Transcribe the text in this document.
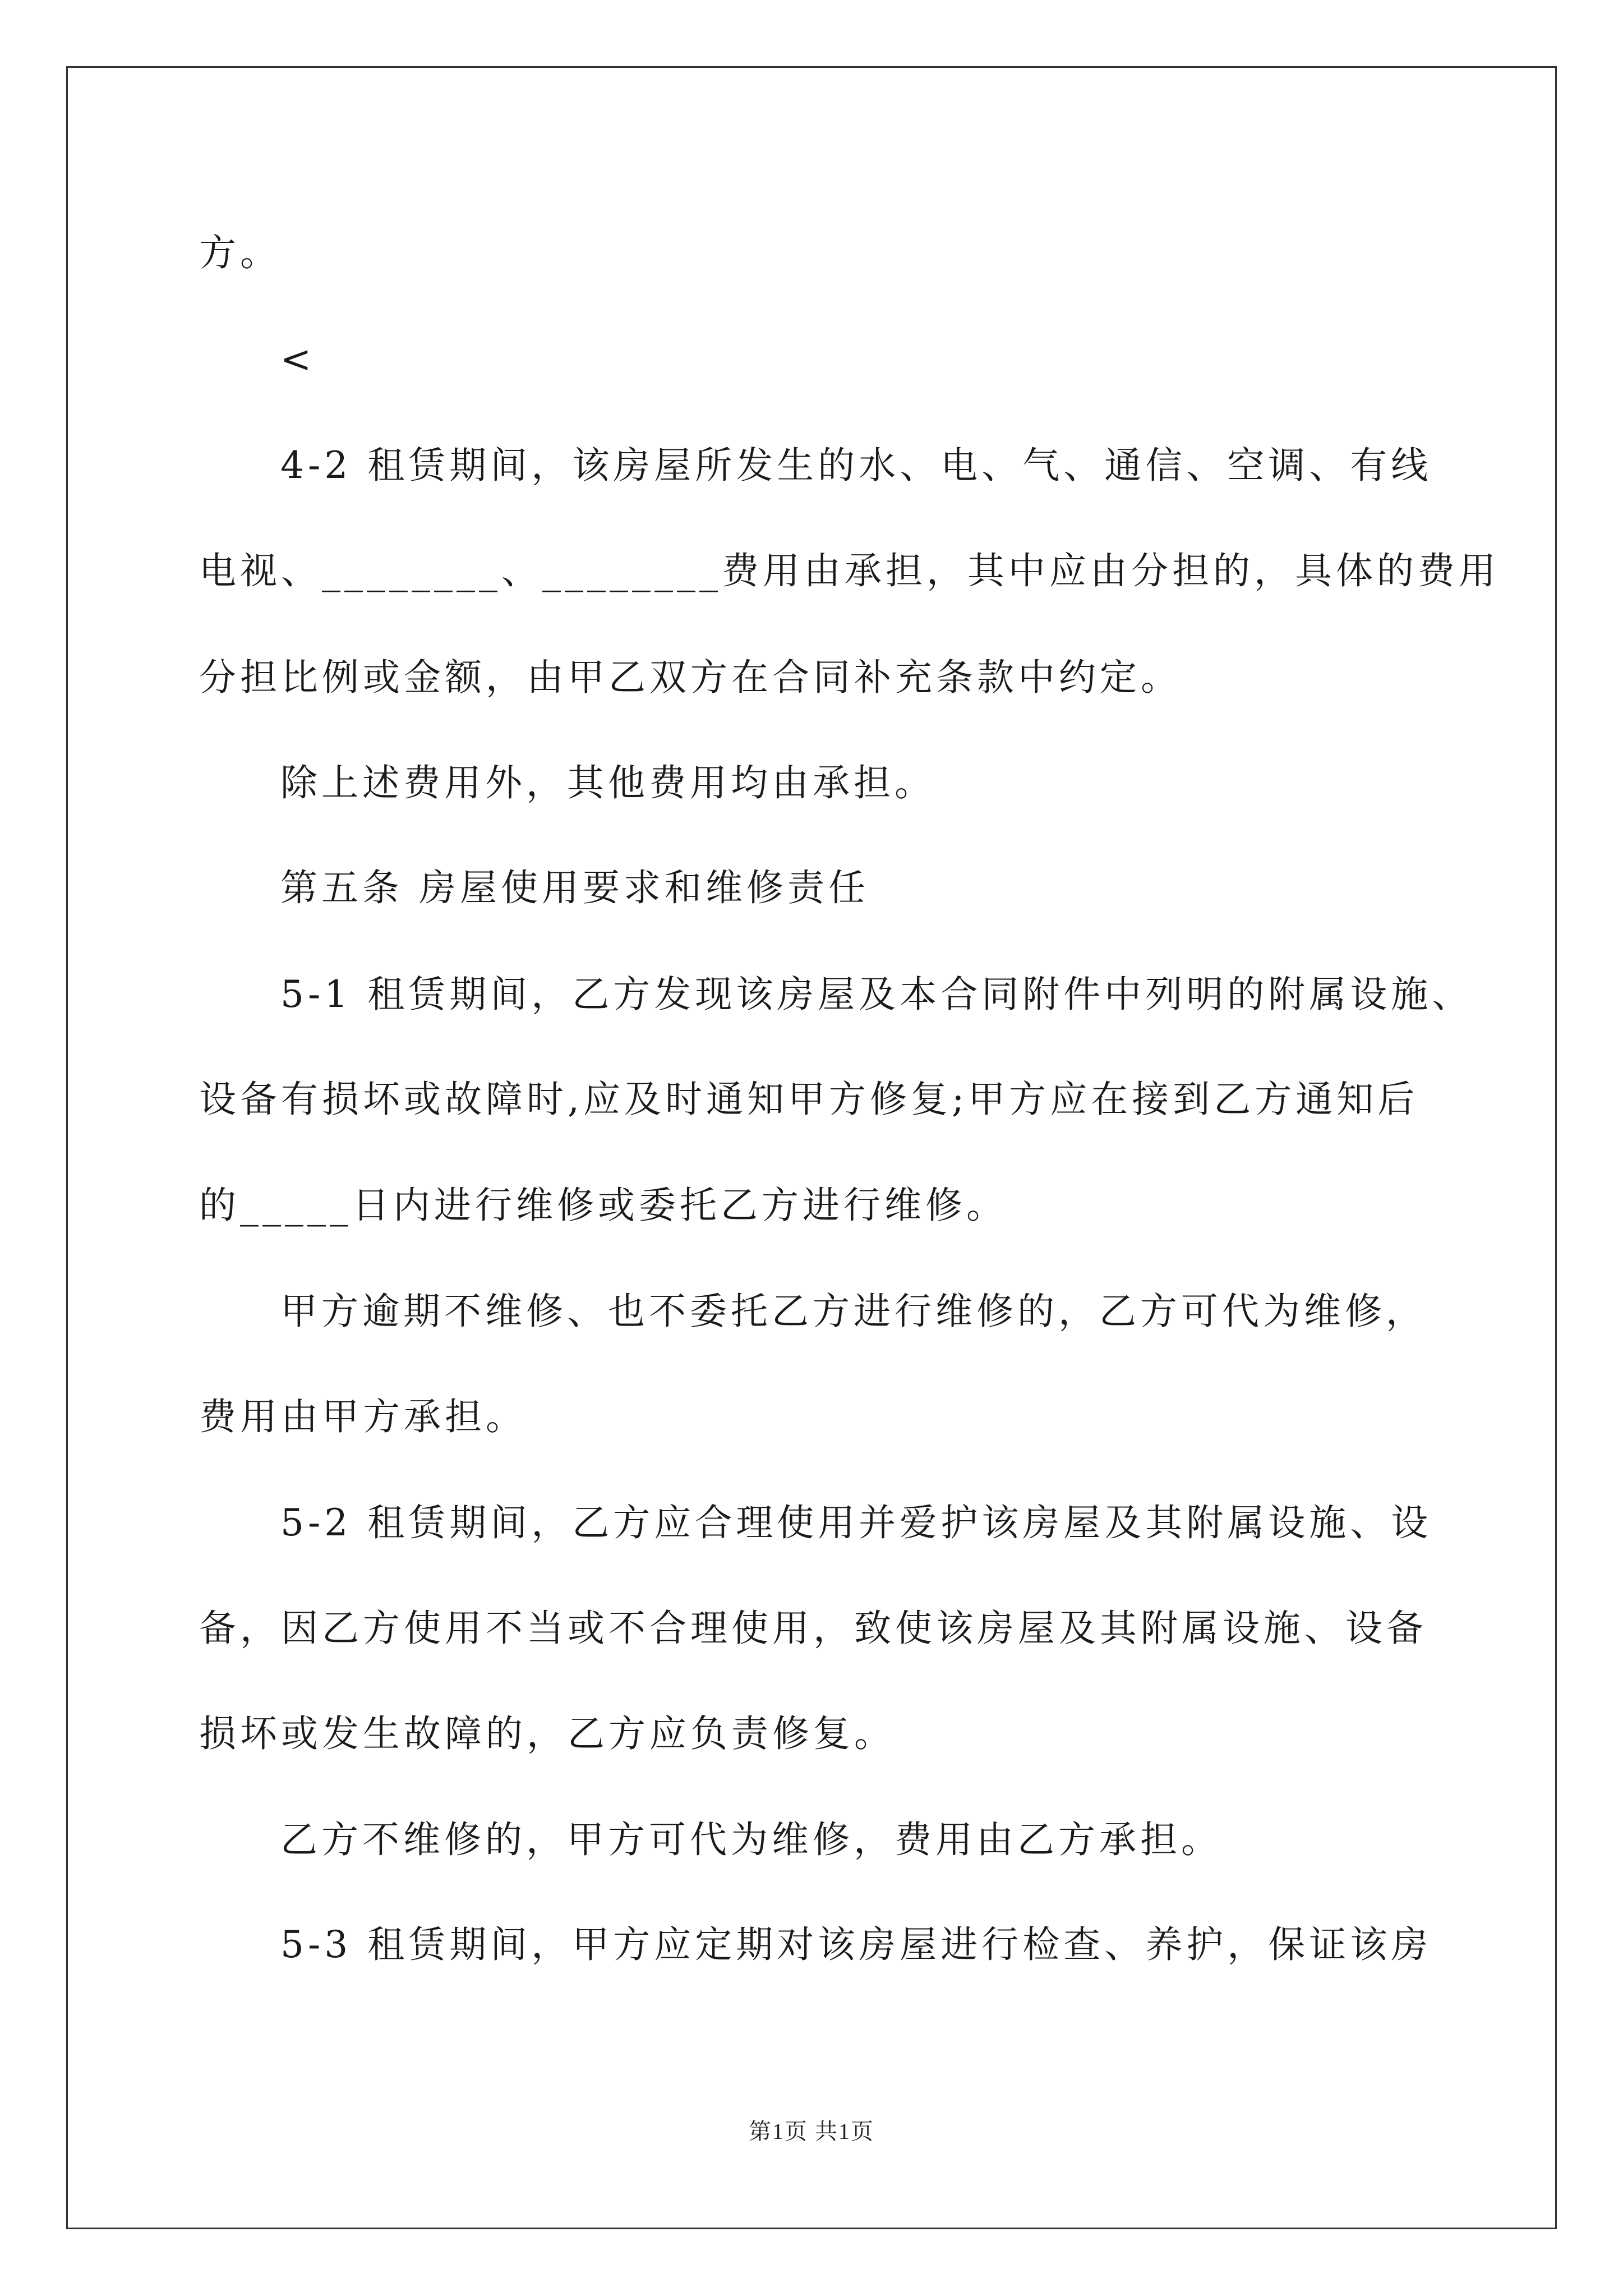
方。
<
4-2 租赁期间，该房屋所发生的水、电、气、通信、空调、有线
电视、________、________费用由承担，其中应由分担的，具体的费用
分担比例或金额，由甲乙双方在合同补充条款中约定。
除上述费用外，其他费用均由承担。
第五条 房屋使用要求和维修责任
5-1 租赁期间，乙方发现该房屋及本合同附件中列明的附属设施、
设备有损坏或故障时,应及时通知甲方修复;甲方应在接到乙方通知后
的_____日内进行维修或委托乙方进行维修。
甲方逾期不维修、也不委托乙方进行维修的，乙方可代为维修，
费用由甲方承担。
5-2 租赁期间，乙方应合理使用并爱护该房屋及其附属设施、设
备，因乙方使用不当或不合理使用，致使该房屋及其附属设施、设备
损坏或发生故障的，乙方应负责修复。
乙方不维修的，甲方可代为维修，费用由乙方承担。
5-3 租赁期间，甲方应定期对该房屋进行检查、养护，保证该房
第1页 共1页
